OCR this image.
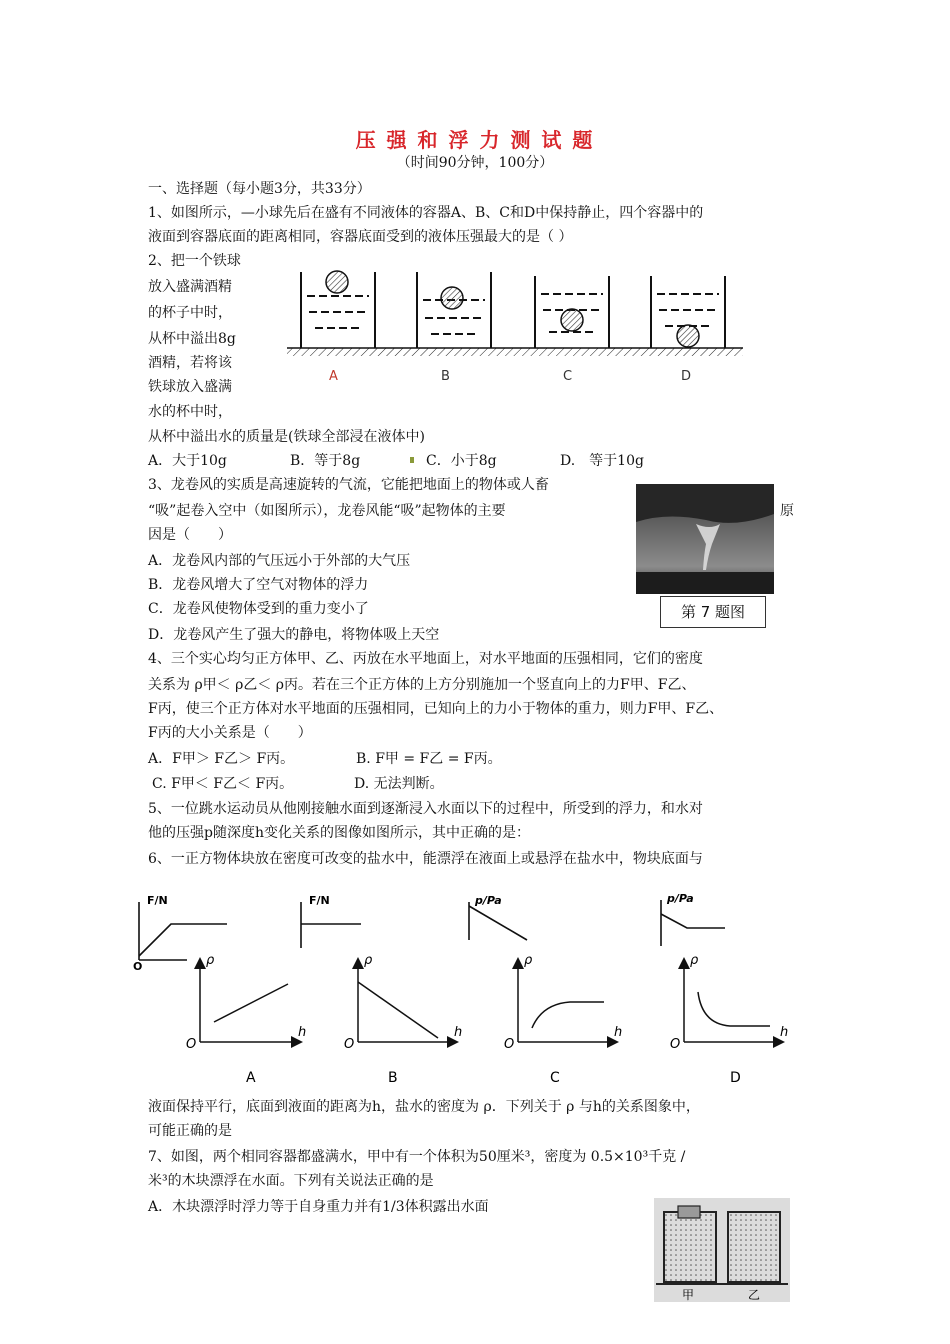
压 强 和 浮 力 测 试 题
（时间90分钟，100分）
一、选择题（每小题3分，共33分）
1、如图所示，—小球先后在盛有不同液体的容器A、B、C和D中保持静止，四个容器中的
液面到容器底面的距离相同，容器底面受到的液体压强最大的是（ ）
2、把一个铁球
放入盛满酒精
的杯子中时，
从杯中溢出8g
酒精，若将该
铁球放入盛满
水的杯中时，
从杯中溢出水的质量是(铁球全部浸在液体中)
A	B	C	D
A．大于10g	B．等于8g	C．小于8g	D.　等于10g
3、龙卷风的实质是高速旋转的气流，它能把地面上的物体或人畜
“吸”起卷入空中（如图所示），龙卷风能“吸”起物体的主要	原
因是（　　）
A．龙卷风内部的气压远小于外部的大气压
B．龙卷风增大了空气对物体的浮力
C．龙卷风使物体受到的重力变小了
D．龙卷风产生了强大的静电，将物体吸上天空
第 7 题图
4、三个实心均匀正方体甲、乙、丙放在水平地面上，对水平地面的压强相同，它们的密度
关系为 ρ甲＜ ρ乙＜ ρ丙。若在三个正方体的上方分别施加一个竖直向上的力F甲、F乙、
F丙，使三个正方体对水平地面的压强相同，已知向上的力小于物体的重力，则力F甲、F乙、
F丙的大小关系是（　　）
A．F甲＞ F乙＞ F丙。	B. F甲 = F乙 = F丙。
C. F甲＜ F乙＜ F丙。	D. 无法判断。
5、一位跳水运动员从他刚接触水面到逐渐浸入水面以下的过程中，所受到的浮力，和水对
他的压强p随深度h变化关系的图像如图所示，其中正确的是：
6、一正方物体块放在密度可改变的盐水中，能漂浮在液面上或悬浮在盐水中，物块底面与
F/N
O
F/N	p/Pa	p/Pa
ρ
O
h
ρ
O
h
ρ
O
h
ρ
O
h
A	B	C	D
液面保持平行，底面到液面的距离为h，盐水的密度为 ρ．下列关于 ρ 与h的关系图象中，
可能正确的是
7、如图，两个相同容器都盛满水，甲中有一个体积为50厘米³，密度为 0.5×10³千克 /
米³的木块漂浮在水面。下列有关说法正确的是
A．木块漂浮时浮力等于自身重力并有1/3体积露出水面
甲	乙
